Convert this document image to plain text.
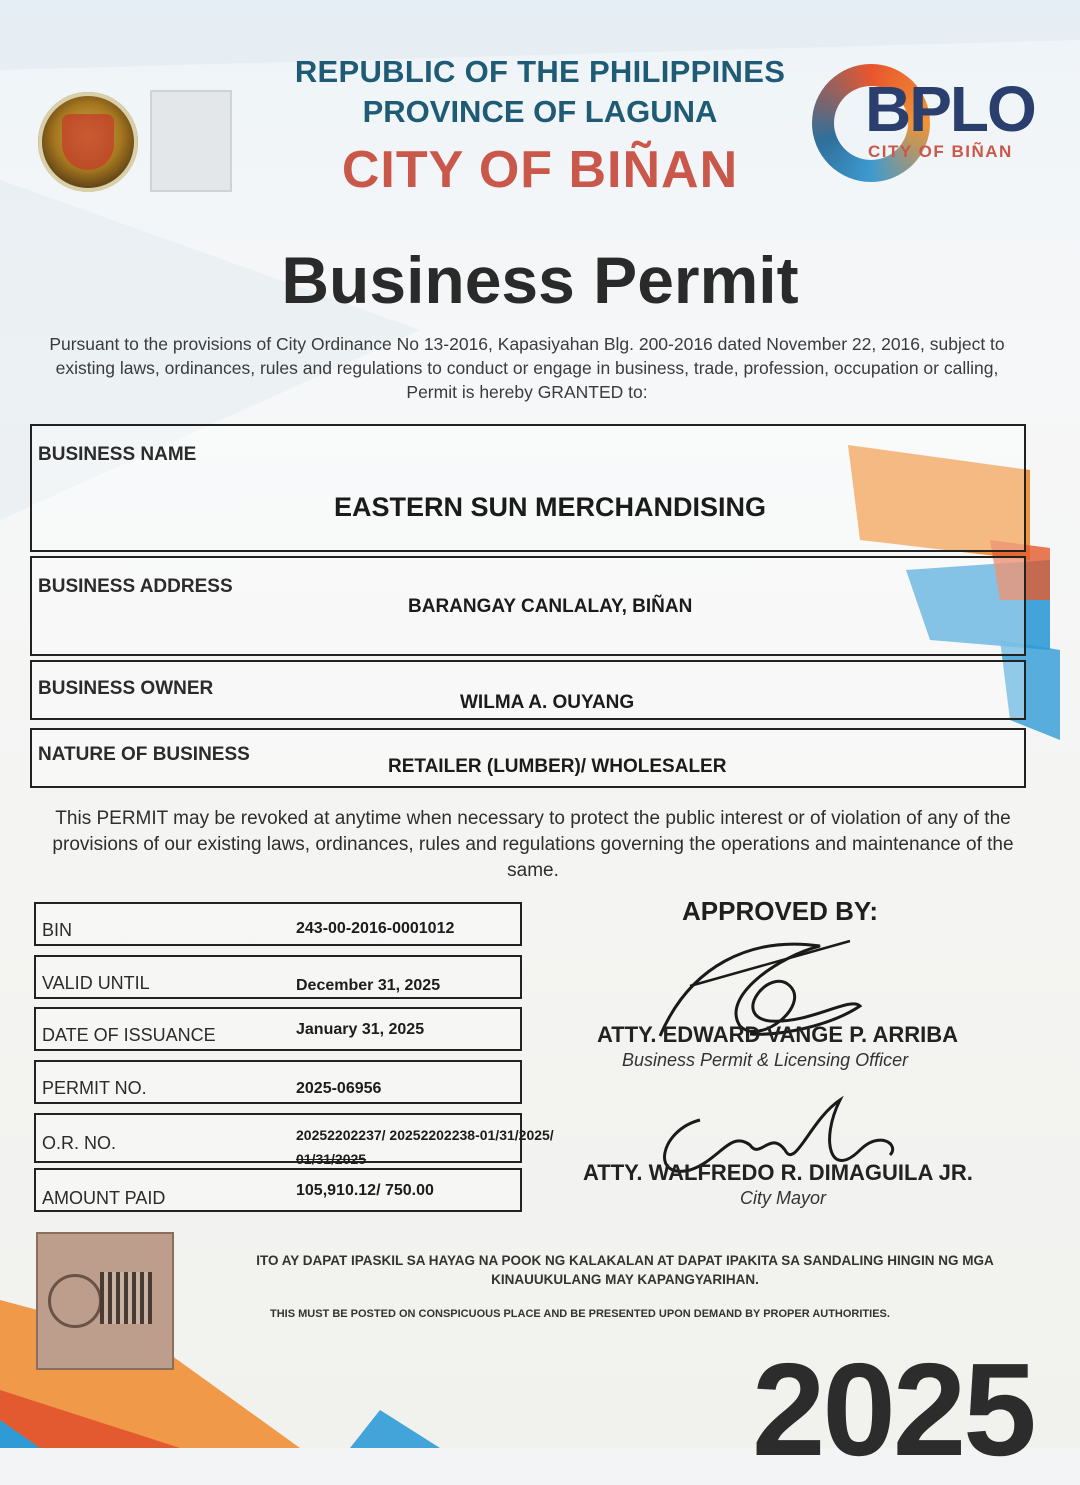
REPUBLIC OF THE PHILIPPINES
PROVINCE OF LAGUNA
CITY OF BIÑAN
BPLO
CITY OF BIÑAN
Business Permit
Pursuant to the provisions of City Ordinance No 13-2016, Kapasiyahan Blg. 200-2016 dated November 22, 2016, subject to existing laws, ordinances, rules and regulations to conduct or engage in business, trade, profession, occupation or calling, Permit is hereby GRANTED to:
BUSINESS NAME
EASTERN SUN MERCHANDISING
BUSINESS ADDRESS
BARANGAY CANLALAY, BIÑAN
BUSINESS OWNER
WILMA A. OUYANG
NATURE OF BUSINESS
RETAILER (LUMBER)/ WHOLESALER
This PERMIT may be revoked at anytime when necessary to protect the public interest or of violation of any of the provisions of our existing laws, ordinances, rules and regulations governing the operations and maintenance of the same.
BIN	243-00-2016-0001012
VALID UNTIL	December 31, 2025
DATE OF ISSUANCE	January 31, 2025
PERMIT NO.	2025-06956
O.R. NO.	20252202237/ 20252202238-01/31/2025/
01/31/2025
AMOUNT PAID	105,910.12/ 750.00
APPROVED BY:
ATTY. EDWARD VANGE P. ARRIBA
Business Permit & Licensing Officer
ATTY. WALFREDO R. DIMAGUILA JR.
City Mayor
ITO AY DAPAT IPASKIL SA HAYAG NA POOK NG KALAKALAN AT DAPAT IPAKITA SA SANDALING HINGIN NG MGA KINAUUKULANG MAY KAPANGYARIHAN.
THIS MUST BE POSTED ON CONSPICUOUS PLACE AND BE PRESENTED UPON DEMAND BY PROPER AUTHORITIES.
2025
